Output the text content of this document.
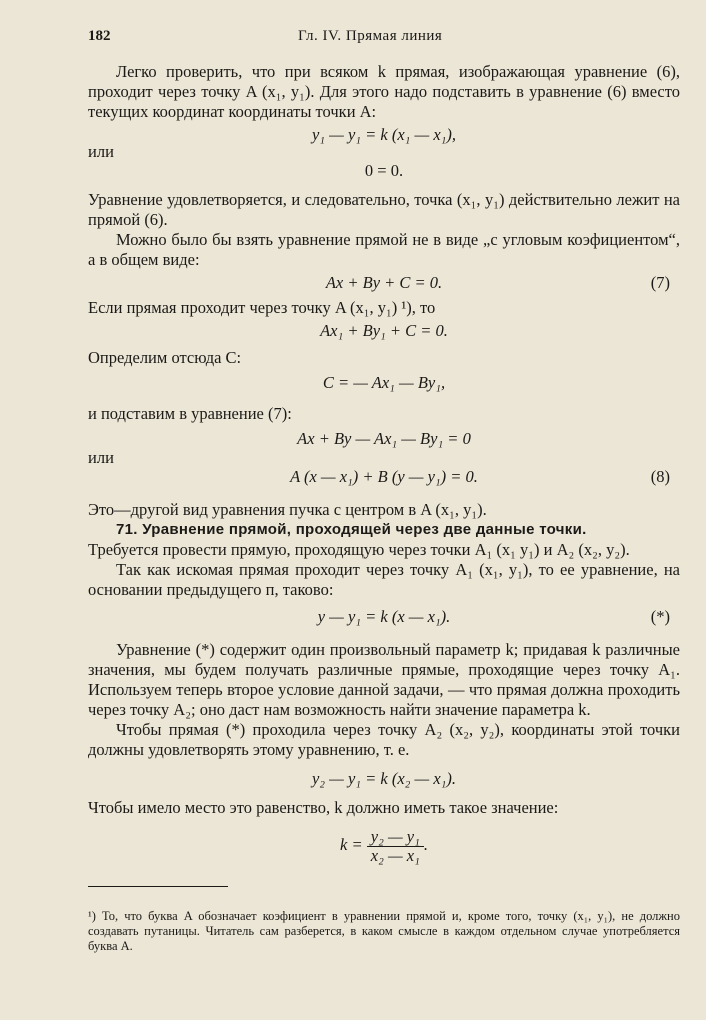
182	Гл. IV. Прямая линия

Легко проверить, что при всяком k прямая, изображающая уравнение (6), проходит через точку A (x₁, y₁). Для этого надо подставить в уравнение (6) вместо текущих координат координаты точки A:

y₁ — y₁ = k (x₁ — x₁),

или

0 = 0.

Уравнение удовлетворяется, и следовательно, точка (x₁, y₁) действительно лежит на прямой (6).

Можно было бы взять уравнение прямой не в виде „с угловым коэфициентом“, а в общем виде:

Ax + By + C = 0.	(7)

Если прямая проходит через точку A (x₁, y₁) ¹), то

Ax₁ + By₁ + C = 0.

Определим отсюда C:

C = — Ax₁ — By₁,

и подставим в уравнение (7):

Ax + By — Ax₁ — By₁ = 0

или

A (x — x₁) + B (y — y₁) = 0.	(8)

Это—другой вид уравнения пучка с центром в A (x₁, y₁).

71. Уравнение прямой, проходящей через две данные точки.

Требуется провести прямую, проходящую через точки A₁ (x₁ y₁) и A₂ (x₂, y₂).

Так как искомая прямая проходит через точку A₁ (x₁, y₁), то ее уравнение, на основании предыдущего п, таково:

y — y₁ = k (x — x₁).	(*)

Уравнение (*) содержит один произвольный параметр k; придавая k различные значения, мы будем получать различные прямые, проходящие через точку A₁. Используем теперь второе условие данной задачи, — что прямая должна проходить через точку A₂; оно даст нам возможность найти значение параметра k.

Чтобы прямая (*) проходила через точку A₂ (x₂, y₂), координаты этой точки должны удовлетворять этому уравнению, т. е.

y₂ — y₁ = k (x₂ — x₁).

Чтобы имело место это равенство, k должно иметь такое значение:

$k = \frac{\text{y₂ — y₁}}{\text{x₂ — x₁}}$ .

¹) То, что буква A обозначает коэфициент в уравнении прямой и, кроме того, точку (x₁, y₁), не должно создавать путаницы. Читатель сам разберется, в каком смысле в каждом отдельном случае употребляется буква A.
